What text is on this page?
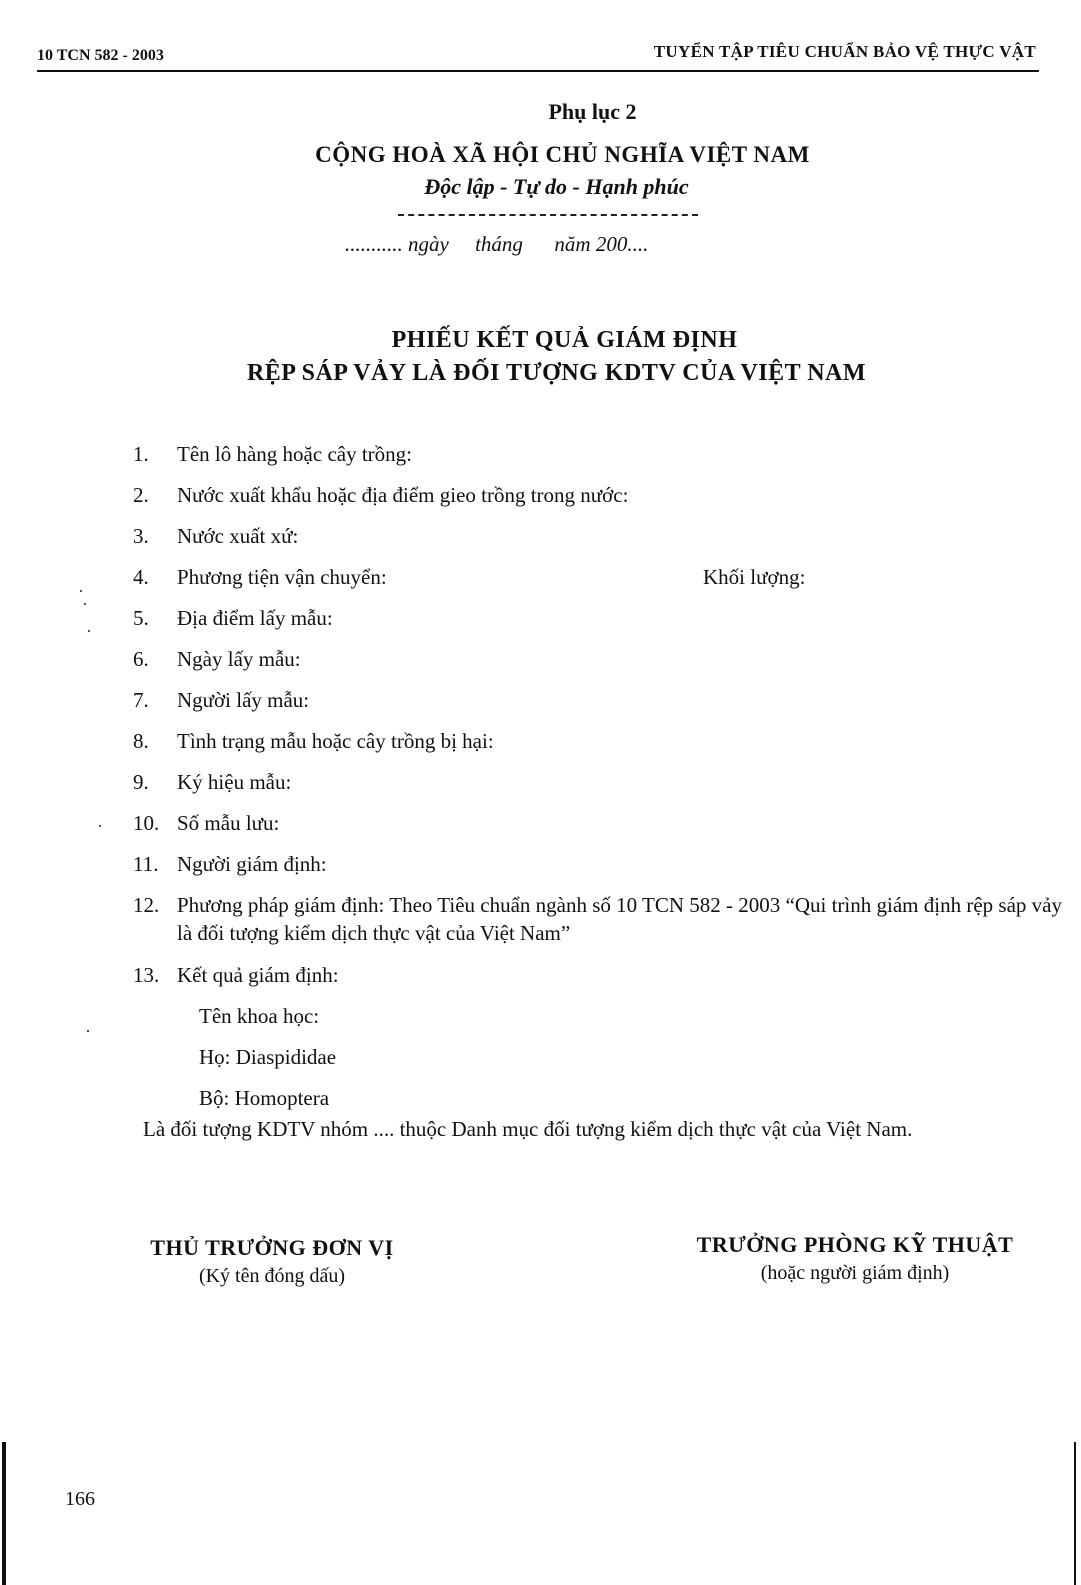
10 TCN 582 - 2003	TUYỂN TẬP TIÊU CHUẨN BẢO VỆ THỰC VẬT
Phụ lục 2
CỘNG HOÀ XÃ HỘI CHỦ NGHĨA VIỆT NAM
Độc lập - Tự do - Hạnh phúc
........... ngày     tháng      năm 200....
PHIẾU KẾT QUẢ GIÁM ĐỊNH
RỆP SÁP VẢY LÀ ĐỐI TƯỢNG KDTV CỦA VIỆT NAM
1.	Tên lô hàng hoặc cây trồng:
2.	Nước xuất khẩu hoặc địa điểm gieo trồng trong nước:
3.	Nước xuất xứ:
4.	Phương tiện vận chuyển:	Khối lượng:
5.	Địa điểm lấy mẫu:
6.	Ngày lấy mẫu:
7.	Người lấy mẫu:
8.	Tình trạng mẫu hoặc cây trồng bị hại:
9.	Ký hiệu mẫu:
10. Số mẫu lưu:
11. Người giám định:
12. Phương pháp giám định: Theo Tiêu chuẩn ngành số 10 TCN 582 - 2003 “Qui trình giám định rệp sáp vảy là đối tượng kiểm dịch thực vật của Việt Nam”
13. Kết quả giám định:
Tên khoa học:
Họ: Diaspididae
Bộ: Homoptera
Là đối tượng KDTV nhóm .... thuộc Danh mục đối tượng kiểm dịch thực vật của Việt Nam.
THỦ TRƯỞNG ĐƠN VỊ
(Ký tên đóng dấu)
TRƯỞNG PHÒNG KỸ THUẬT
(hoặc người giám định)
166
